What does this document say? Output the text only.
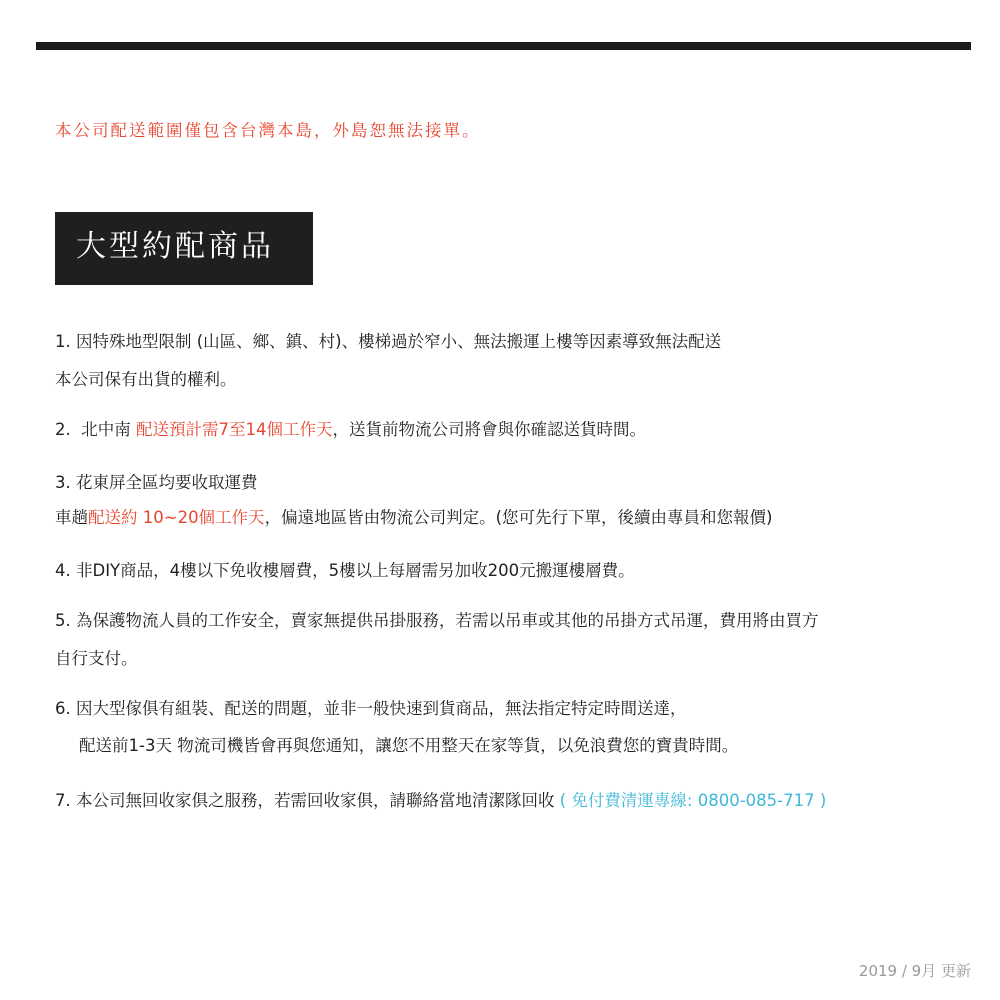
本公司配送範圍僅包含台灣本島，外島恕無法接單。
大型約配商品
1. 因特殊地型限制 (山區、鄉、鎮、村)、樓梯過於窄小、無法搬運上樓等因素導致無法配送
本公司保有出貨的權利。
2.  北中南 配送預計需7至14個工作天，送貨前物流公司將會與你確認送貨時間。
3. 花東屏全區均要收取運費
車趟配送約 10~20個工作天，偏遠地區皆由物流公司判定。(您可先行下單，後續由專員和您報價)
4. 非DIY商品，4樓以下免收樓層費，5樓以上每層需另加收200元搬運樓層費。
5. 為保護物流人員的工作安全，賣家無提供吊掛服務，若需以吊車或其他的吊掛方式吊運，費用將由買方
自行支付。
6. 因大型傢俱有組裝、配送的問題，並非一般快速到貨商品，無法指定特定時間送達，
配送前1-3天 物流司機皆會再與您通知，讓您不用整天在家等貨，以免浪費您的寶貴時間。
7. 本公司無回收家俱之服務，若需回收家俱，請聯絡當地清潔隊回收 ( 免付費清運專線: 0800-085-717 )
2019 / 9月 更新
